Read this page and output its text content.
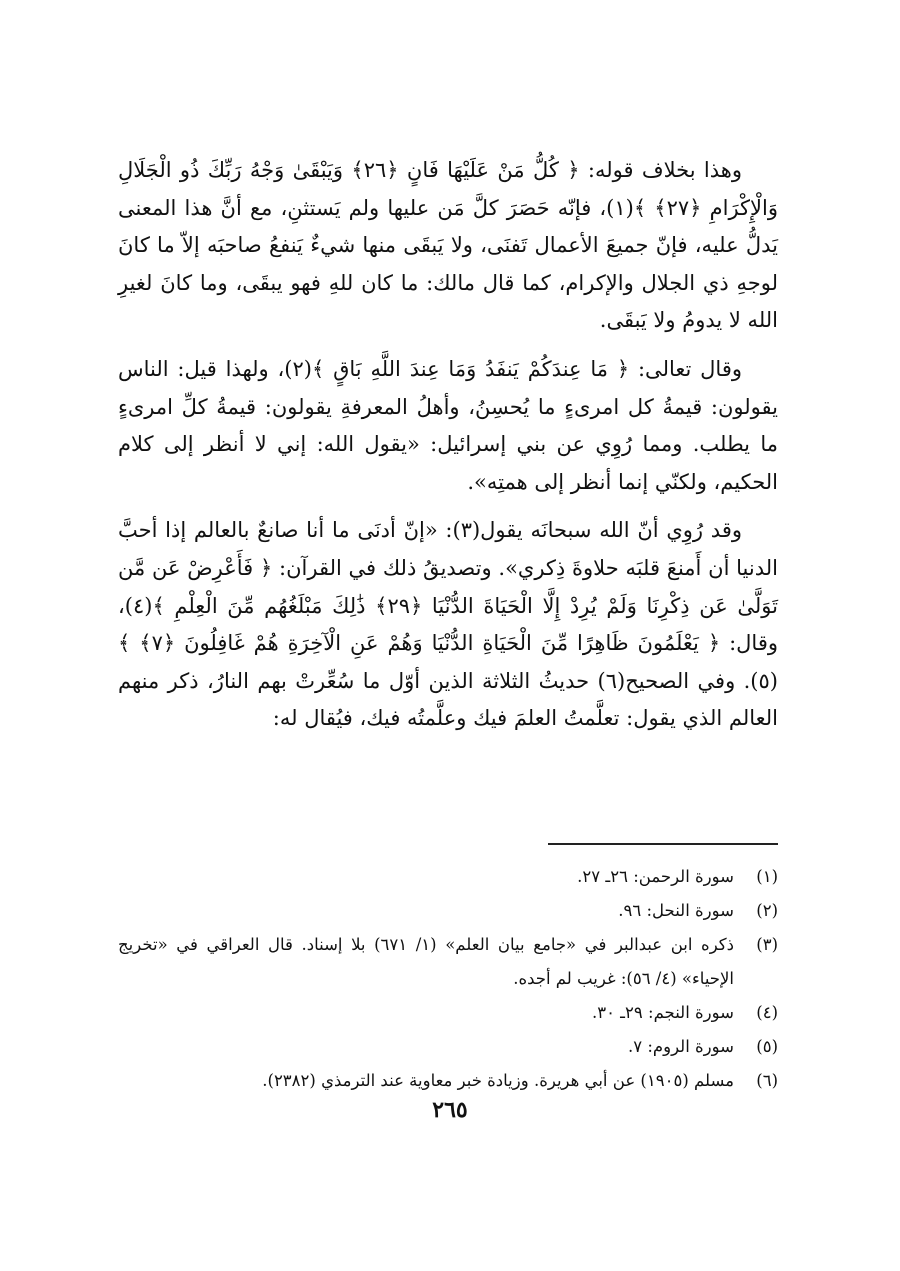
وهذا بخلاف قوله: ﴿ كُلُّ مَنْ عَلَيْهَا فَانٍ ﴿٢٦﴾ وَيَبْقَىٰ وَجْهُ رَبِّكَ ذُو الْجَلَالِ وَالْإِكْرَامِ ﴿٢٧﴾ ﴾(١)، فإنّه حَصَرَ كلَّ مَن عليها ولم يَستثنِ، مع أنَّ هذا المعنى يَدلُّ عليه، فإنّ جميعَ الأعمال تَفنَى، ولا يَبقَى منها شيءٌ يَنفعُ صاحبَه إلاّ ما كانَ لوجهِ ذي الجلال والإكرام، كما قال مالك: ما كان للهِ فهو يبقَى، وما كانَ لغيرِ الله لا يدومُ ولا يَبقَى.

وقال تعالى: ﴿ مَا عِندَكُمْ يَنفَدُ وَمَا عِندَ اللَّهِ بَاقٍ ﴾(٢)، ولهذا قيل: الناس يقولون: قيمةُ كل امرىءٍ ما يُحسِنُ، وأهلُ المعرفةِ يقولون: قيمةُ كلِّ امرىءٍ ما يطلب. ومما رُوِي عن بني إسرائيل: «يقول الله: إني لا أنظر إلى كلام الحكيم، ولكنّي إنما أنظر إلى همتِه».

وقد رُوِي أنّ الله سبحانَه يقول(٣): «إنّ أدنَى ما أنا صانعٌ بالعالم إذا أحبَّ الدنيا أن أَمنعَ قلبَه حلاوةَ ذِكري». وتصديقُ ذلك في القرآن: ﴿ فَأَعْرِضْ عَن مَّن تَوَلَّىٰ عَن ذِكْرِنَا وَلَمْ يُرِدْ إِلَّا الْحَيَاةَ الدُّنْيَا ﴿٢٩﴾ ذَٰلِكَ مَبْلَغُهُم مِّنَ الْعِلْمِ ﴾(٤)، وقال: ﴿ يَعْلَمُونَ ظَاهِرًا مِّنَ الْحَيَاةِ الدُّنْيَا وَهُمْ عَنِ الْآخِرَةِ هُمْ غَافِلُونَ ﴿٧﴾ ﴾(٥). وفي الصحيح(٦) حديثُ الثلاثة الذين أوّل ما سُعِّرتْ بهم النارُ، ذكر منهم العالم الذي يقول: تعلَّمتُ العلمَ فيك وعلَّمتُه فيك، فيُقال له:

(١)
سورة الرحمن: ٢٦ـ ٢٧.
(٢)
سورة النحل: ٩٦.
(٣)
ذكره ابن عبدالبر في «جامع بيان العلم» (١/ ٦٧١) بلا إسناد. قال العراقي في «تخريج الإحياء» (٤/ ٥٦): غريب لم أجده.
(٤)
سورة النجم: ٢٩ـ ٣٠.
(٥)
سورة الروم: ٧.
(٦)
مسلم (١٩٠٥) عن أبي هريرة. وزيادة خبر معاوية عند الترمذي (٢٣٨٢).
٢٦٥
